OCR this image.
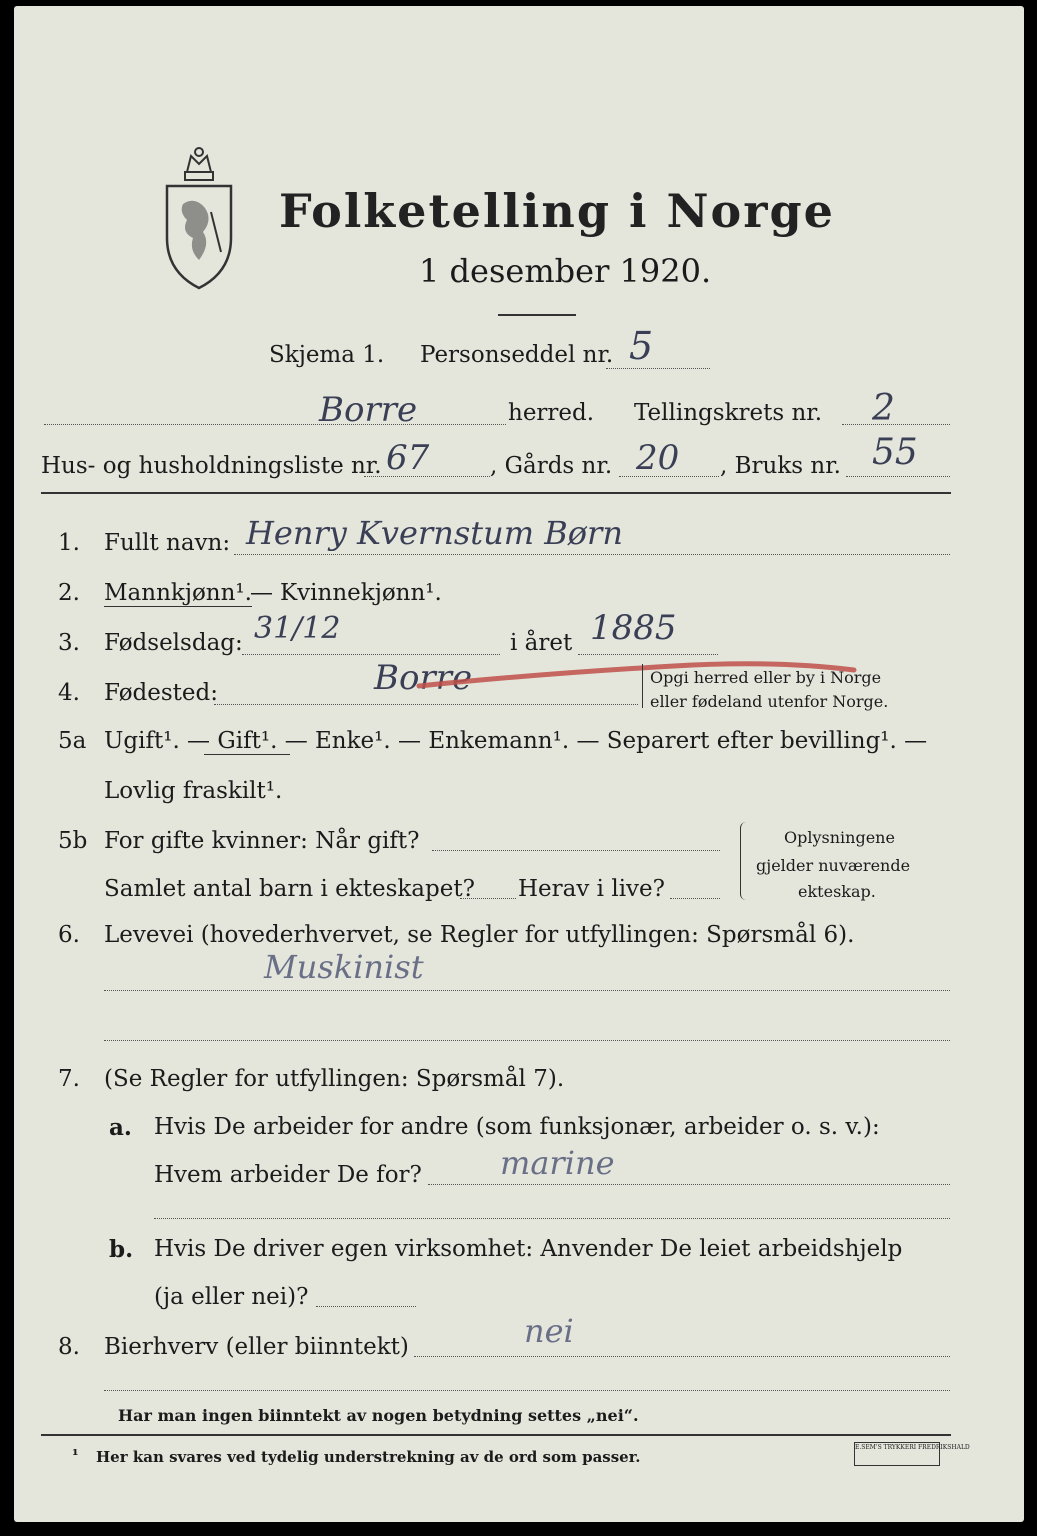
Folketelling i Norge
1 desember 1920.
Skjema 1. Personseddel nr. 5
Borre	herred. Tellingskrets nr. 2
Hus- og husholdningsliste nr. 67	, Gårds nr. 20 , Bruks nr. 55
1. Fullt navn: Henry Kvernstum Børn
2. Mannkjønn¹.
— Kvinnekjønn¹.
3. Fødselsdag: 31/12	i året 1885
4. Fødested:	Borre	Opgi herred eller by i Norge
eller fødeland utenfor Norge.
5a Ugift¹. — Gift¹. — Enke¹. — Enkemann¹. — Separert efter bevilling¹. —
Lovlig fraskilt¹.
5b For gifte kvinner: Når gift?
Samlet antal barn i ekteskapet? Herav i live?
Oplysningene
gjelder nuværende
ekteskap.
6. Levevei (hovederhvervet, se Regler for utfyllingen: Spørsmål 6).
Muskinist
7. (Se Regler for utfyllingen: Spørsmål 7).
a. Hvis De arbeider for andre (som funksjonær, arbeider o. s. v.):
Hvem arbeider De for? marine
b. Hvis De driver egen virksomhet: Anvender De leiet arbeidshjelp
(ja eller nei)?
8. Bierhverv (eller biinntekt)	nei
Har man ingen biinntekt av nogen betydning settes „nei“.
¹ Her kan svares ved tydelig understrekning av de ord som passer.
E.SEM'S TRYKKERI FREDRIKSHALD
